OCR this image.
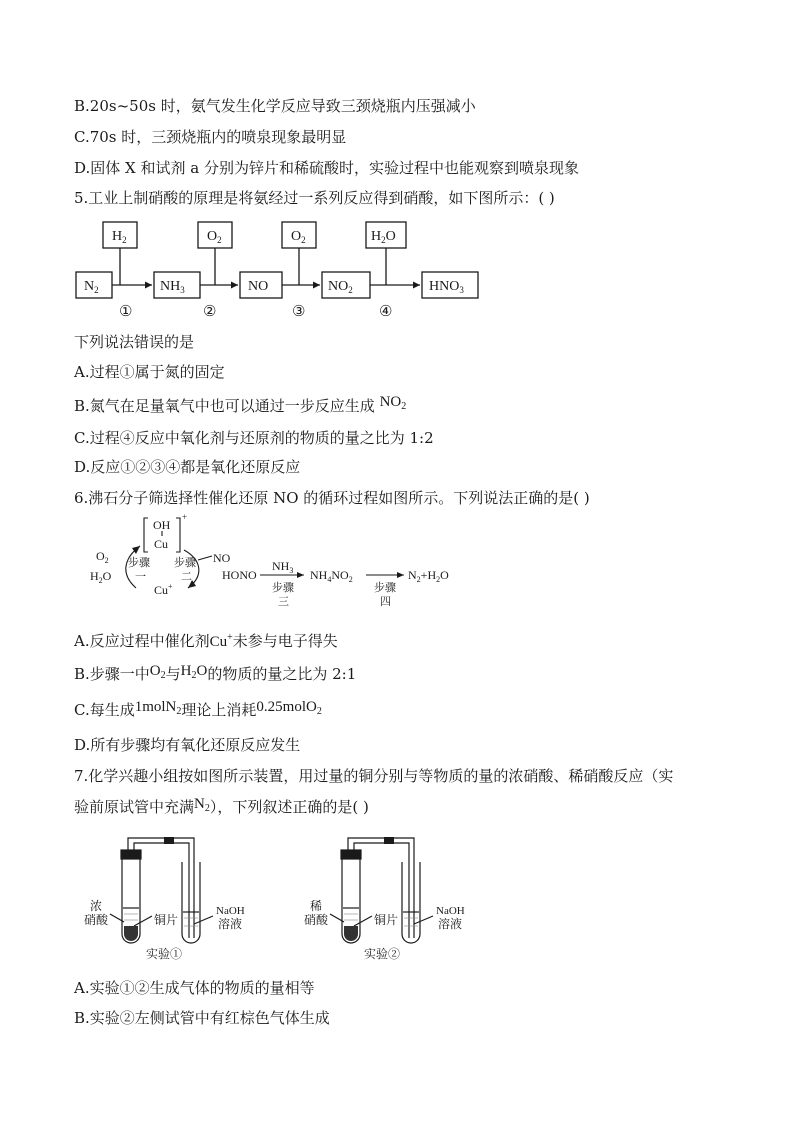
B.20s~50s 时，氨气发生化学反应导致三颈烧瓶内压强减小
C.70s 时，三颈烧瓶内的喷泉现象最明显
D.固体 X 和试剂 a 分别为锌片和稀硫酸时，实验过程中也能观察到喷泉现象
5.工业上制硝酸的原理是将氨经过一系列反应得到硝酸，如下图所示：( )
$H_2$	$O_2$	$O_2$	$H_2O$
$N_2$	$NH_3$	NO	$NO_2$	$HNO_3$
①	②	③	④
下列说法错误的是
A.过程①属于氮的固定
B.氮气在足量氧气中也可以通过一步反应生成 $NO_2$
C.过程④反应中氧化剂与还原剂的物质的量之比为 1:2
D.反应①②③④都是氧化还原反应
6.沸石分子筛选择性催化还原 NO 的循环过程如图所示。下列说法正确的是( )
OH
Cu
+
$O_2$
$H_2O$
步骤
一
步骤
二
NO
Cu+
HONO
$NH_3$
步骤
三
$NH_4NO_2$
步骤
四
$N_2+H_2O$
A.反应过程中催化剂Cu+未参与电子得失
B.步骤一中$O_2$与$H_2O$的物质的量之比为 2:1
C.每生成1molN$_2$理论上消耗0.25molO$_2$
D.所有步骤均有氧化还原反应发生
7.化学兴趣小组按如图所示装置，用过量的铜分别与等物质的量的浓硝酸、稀硝酸反应（实
验前原试管中充满$N_2$），下列叙述正确的是( )
浓
硝酸	铜片
NaOH
溶液
实验①
稀
硝酸	铜片
NaOH
溶液
实验②
A.实验①②生成气体的物质的量相等
B.实验②左侧试管中有红棕色气体生成
